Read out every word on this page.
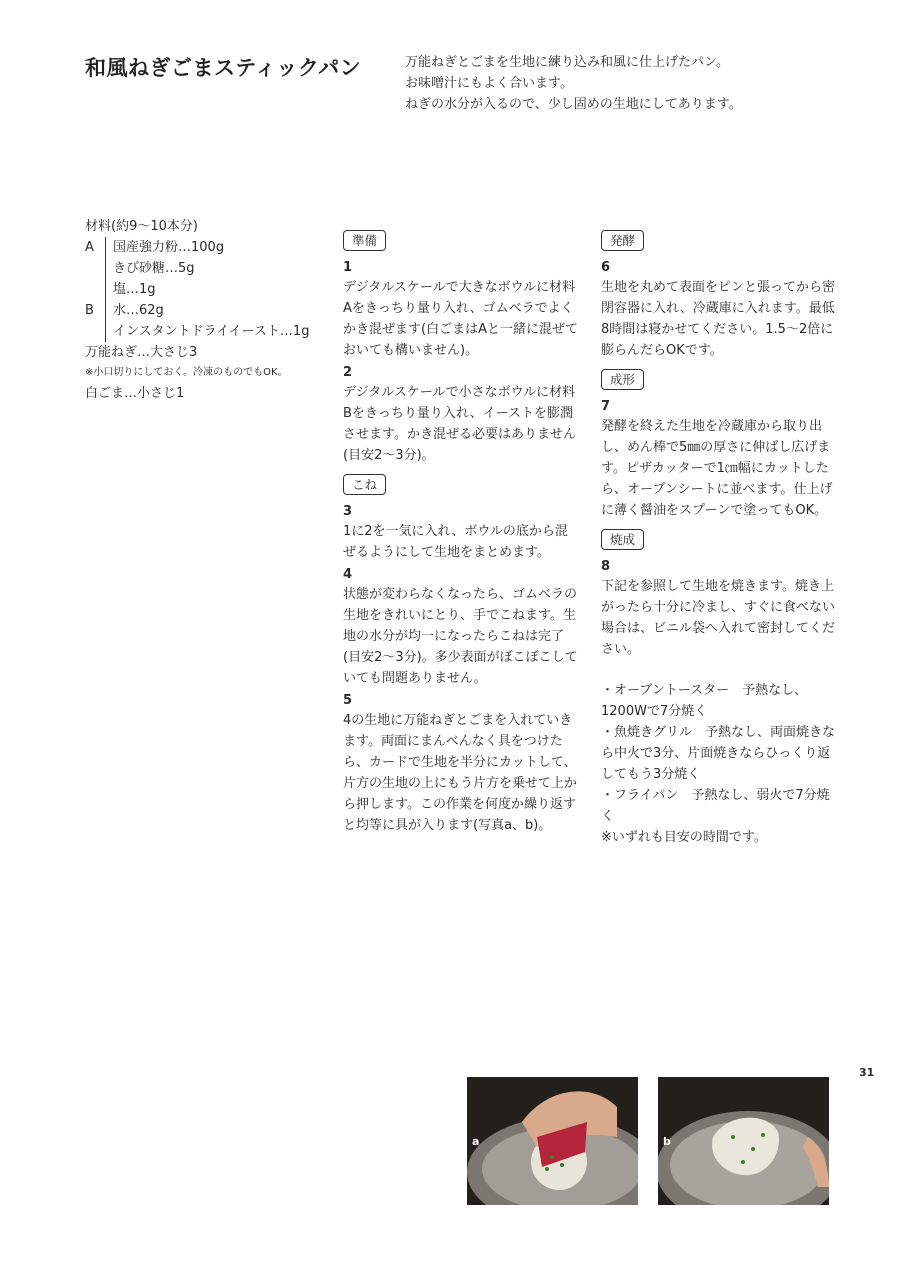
和風ねぎごまスティックパン	万能ねぎとごまを生地に練り込み和風に仕上げたパン。
お味噌汁にもよく合います。
ねぎの水分が入るので、少し固めの生地にしてあります。
材料(約9〜10本分)
A	国産強力粉…100g
きび砂糖…5g
塩…1g
B	水…62g
インスタントドライイースト…1g
万能ねぎ…大さじ3
※小口切りにしておく。冷凍のものでもOK。
白ごま…小さじ1
準備
1
デジタルスケールで大きなボウルに材料Aをきっちり量り入れ、ゴムベラでよくかき混ぜます(白ごまはAと一緒に混ぜておいても構いません)。
2
デジタルスケールで小さなボウルに材料Bをきっちり量り入れ、イーストを膨潤させます。かき混ぜる必要はありません(目安2〜3分)。
こね
3
1に2を一気に入れ、ボウルの底から混ぜるようにして生地をまとめます。
4
状態が変わらなくなったら、ゴムベラの生地をきれいにとり、手でこねます。生地の水分が均一になったらこねは完了(目安2〜3分)。多少表面がぼこぼこしていても問題ありません。
5
4の生地に万能ねぎとごまを入れていきます。両面にまんべんなく具をつけたら、カードで生地を半分にカットして、片方の生地の上にもう片方を乗せて上から押します。この作業を何度か繰り返すと均等に具が入ります(写真a、b)。
発酵
6
生地を丸めて表面をピンと張ってから密閉容器に入れ、冷蔵庫に入れます。最低8時間は寝かせてください。1.5〜2倍に膨らんだらOKです。
成形
7
発酵を終えた生地を冷蔵庫から取り出し、めん棒で5㎜の厚さに伸ばし広げます。ピザカッターで1㎝幅にカットしたら、オーブンシートに並べます。仕上げに薄く醤油をスプーンで塗ってもOK。
焼成
8
下記を参照して生地を焼きます。焼き上がったら十分に冷まし、すぐに食べない場合は、ビニル袋へ入れて密封してください。
・オーブントースター　予熱なし、1200Wで7分焼く
・魚焼きグリル　予熱なし、両面焼きなら中火で3分、片面焼きならひっくり返してもう3分焼く
・フライパン　予熱なし、弱火で7分焼く
※いずれも目安の時間です。
31
a	b
